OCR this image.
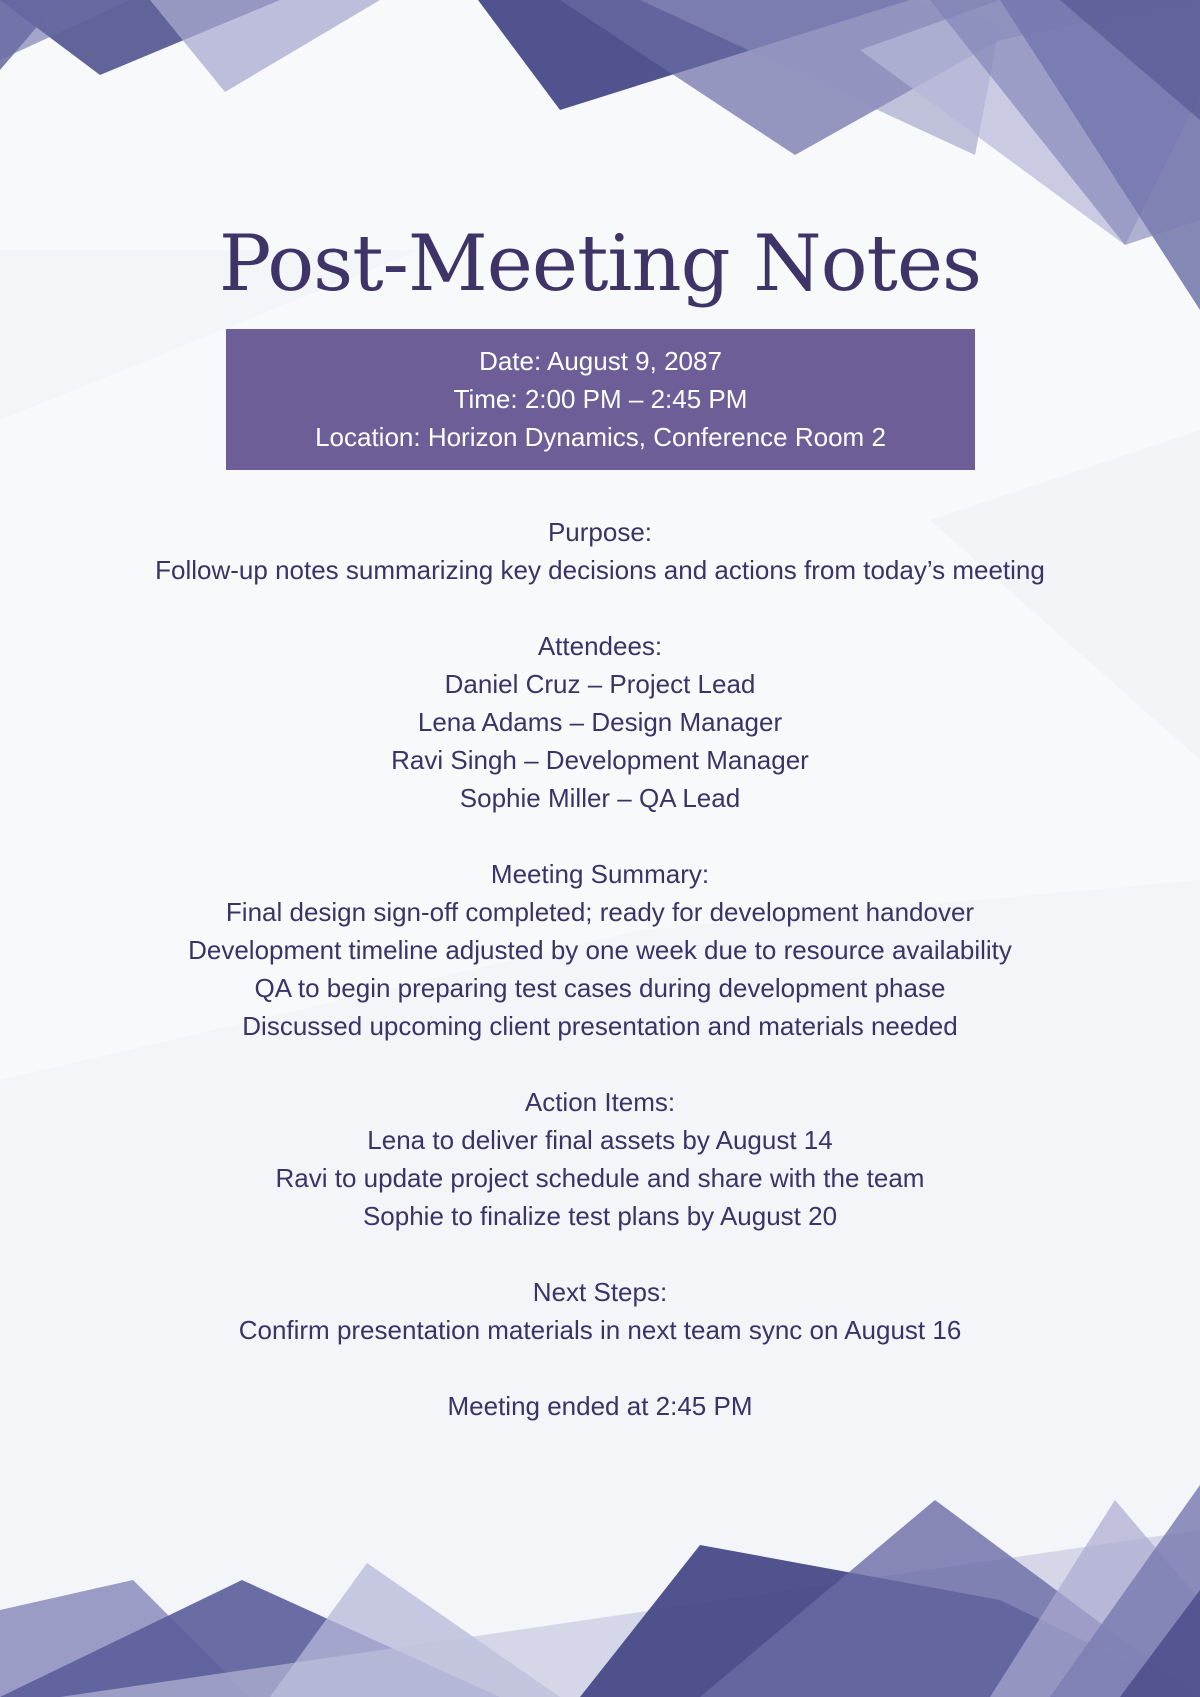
Post-Meeting Notes
Date: August 9, 2087
Time: 2:00 PM – 2:45 PM
Location: Horizon Dynamics, Conference Room 2
Purpose:
Follow-up notes summarizing key decisions and actions from today’s meeting
Attendees:
Daniel Cruz – Project Lead
Lena Adams – Design Manager
Ravi Singh – Development Manager
Sophie Miller – QA Lead
Meeting Summary:
Final design sign-off completed; ready for development handover
Development timeline adjusted by one week due to resource availability
QA to begin preparing test cases during development phase
Discussed upcoming client presentation and materials needed
Action Items:
Lena to deliver final assets by August 14
Ravi to update project schedule and share with the team
Sophie to finalize test plans by August 20
Next Steps:
Confirm presentation materials in next team sync on August 16
Meeting ended at 2:45 PM
